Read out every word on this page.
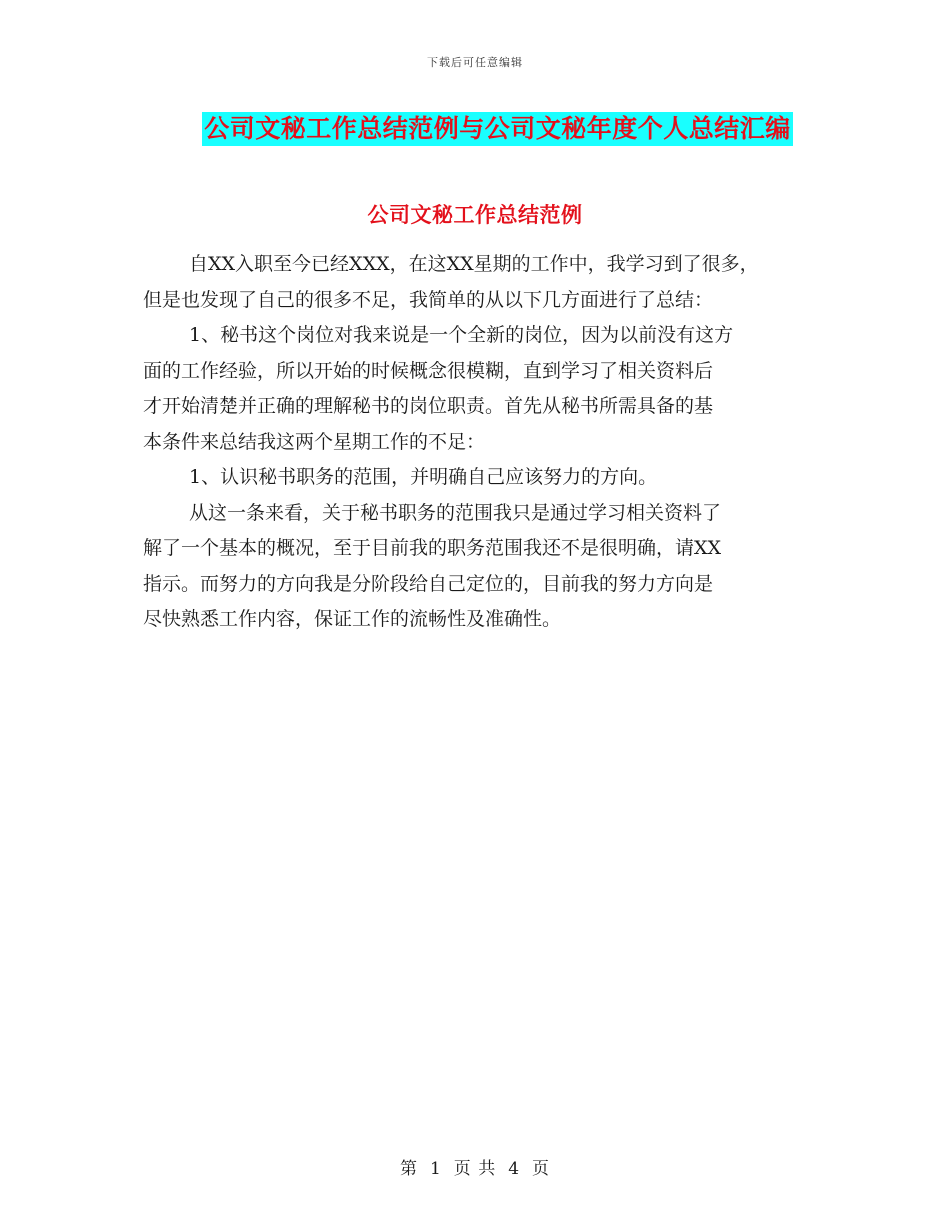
下载后可任意编辑
公司文秘工作总结范例与公司文秘年度个人总结汇编
公司文秘工作总结范例
自XX入职至今已经XXX，在这XX星期的工作中，我学习到了很多，
但是也发现了自己的很多不足，我简单的从以下几方面进行了总结：
1、秘书这个岗位对我来说是一个全新的岗位，因为以前没有这方
面的工作经验，所以开始的时候概念很模糊，直到学习了相关资料后
才开始清楚并正确的理解秘书的岗位职责。首先从秘书所需具备的基
本条件来总结我这两个星期工作的不足：
1、认识秘书职务的范围，并明确自己应该努力的方向。
从这一条来看，关于秘书职务的范围我只是通过学习相关资料了
解了一个基本的概况，至于目前我的职务范围我还不是很明确，请XX
指示。而努力的方向我是分阶段给自己定位的，目前我的努力方向是
尽快熟悉工作内容，保证工作的流畅性及准确性。
第 1 页 共 4 页
